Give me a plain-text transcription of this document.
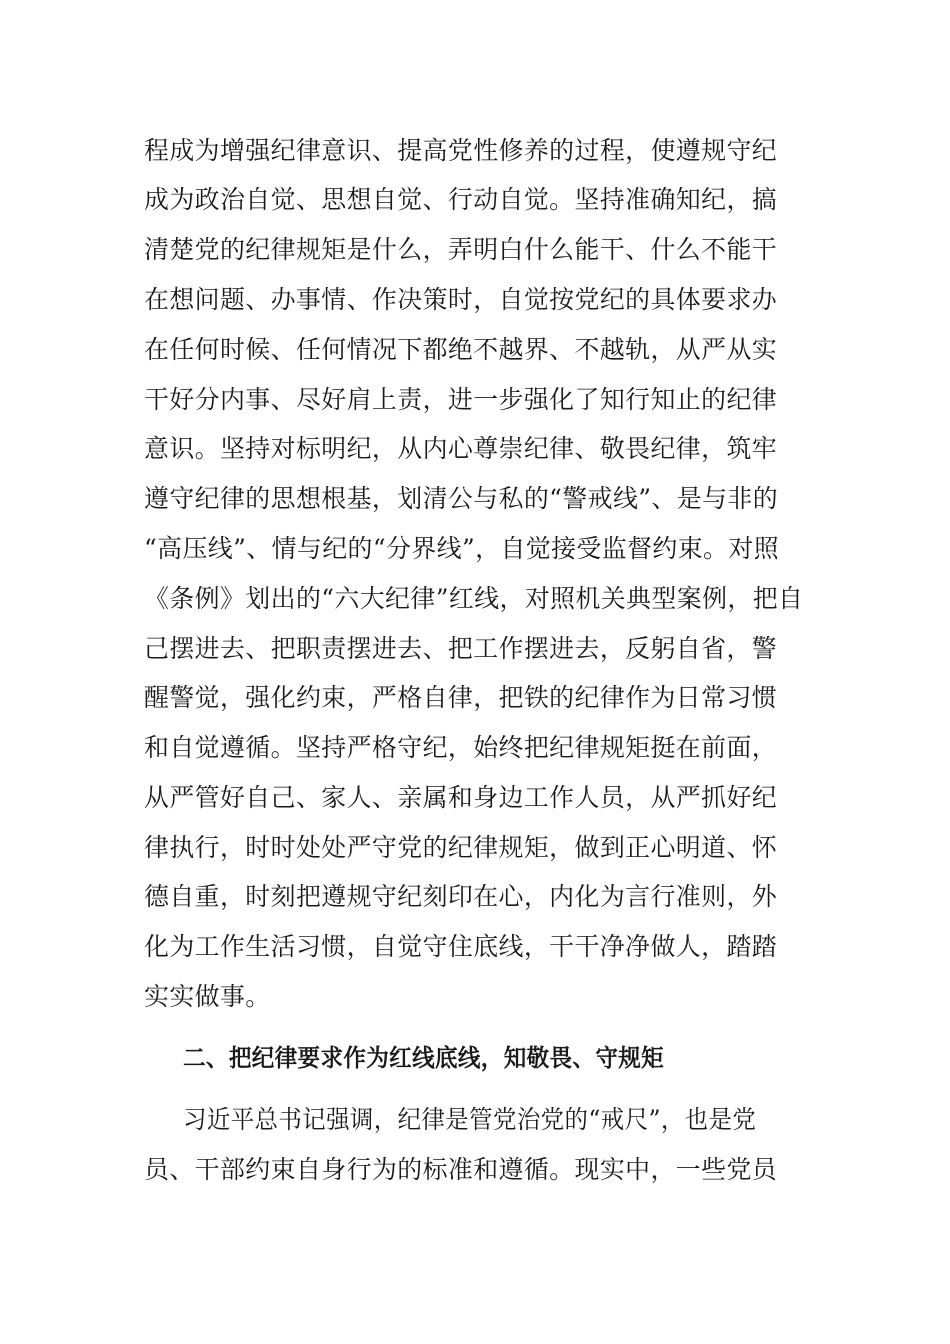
程成为增强纪律意识、提高党性修养的过程，使遵规守纪
成为政治自觉、思想自觉、行动自觉。坚持准确知纪，搞
清楚党的纪律规矩是什么，弄明白什么能干、什么不能干
在想问题、办事情、作决策时，自觉按党纪的具体要求办
在任何时候、任何情况下都绝不越界、不越轨，从严从实
干好分内事、尽好肩上责，进一步强化了知行知止的纪律
意识。坚持对标明纪，从内心尊崇纪律、敬畏纪律，筑牢
遵守纪律的思想根基，划清公与私的“警戒线”、是与非的
“高压线”、情与纪的“分界线”，自觉接受监督约束。对照
《条例》划出的“六大纪律”红线，对照机关典型案例，把自
己摆进去、把职责摆进去、把工作摆进去，反躬自省，警
醒警觉，强化约束，严格自律，把铁的纪律作为日常习惯
和自觉遵循。坚持严格守纪，始终把纪律规矩挺在前面，
从严管好自己、家人、亲属和身边工作人员，从严抓好纪
律执行，时时处处严守党的纪律规矩，做到正心明道、怀
德自重，时刻把遵规守纪刻印在心，内化为言行准则，外
化为工作生活习惯，自觉守住底线，干干净净做人，踏踏
实实做事。
二、把纪律要求作为红线底线，知敬畏、守规矩
习近平总书记强调，纪律是管党治党的“戒尺”，也是党
员、干部约束自身行为的标准和遵循。现实中，一些党员
